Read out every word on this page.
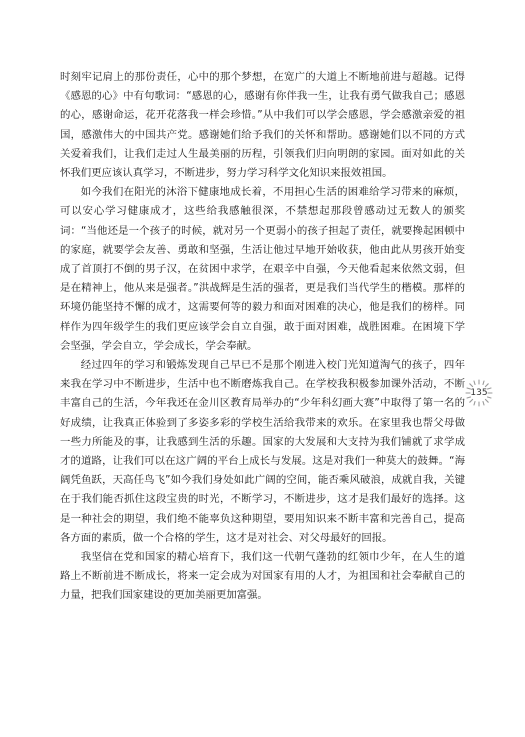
时刻牢记肩上的那份责任，心中的那个梦想，在宽广的大道上不断地前进与超越。记得《感恩的心》中有句歌词：“感恩的心，感谢有你伴我一生，让我有勇气做我自己；感恩的心，感谢命运，花开花落我一样会珍惜。”从中我们可以学会感恩，学会感激亲爱的祖国，感激伟大的中国共产党。感谢她们给予我们的关怀和帮助。感谢她们以不同的方式关爱着我们，让我们走过人生最美丽的历程，引领我们归向明朗的家园。面对如此的关怀我们更应该认真学习，不断进步，努力学习科学文化知识来报效祖国。

如今我们在阳光的沐浴下健康地成长着，不用担心生活的困难给学习带来的麻烦，可以安心学习健康成才，这些给我感触很深，不禁想起那段曾感动过无数人的颁奖词：“当他还是一个孩子的时候，就对另一个更弱小的孩子担起了责任，就要搀起困顿中的家庭，就要学会友善、勇敢和坚强，生活让他过早地开始收获，他由此从男孩开始变成了首顶打不倒的男子汉，在贫困中求学，在艰辛中自强，今天他看起来依然文弱，但是在精神上，他从来是强者。”洪战辉是生活的强者，更是我们当代学生的楷模。那样的环境仍能坚持不懈的成才，这需要何等的毅力和面对困难的决心，他是我们的榜样。同样作为四年级学生的我们更应该学会自立自强，敢于面对困难，战胜困难。在困境下学会坚强，学会自立，学会成长，学会奉献。

经过四年的学习和锻炼发现自己早已不是那个刚进入校门光知道淘气的孩子，四年来我在学习中不断进步，生活中也不断磨炼我自己。在学校我积极参加课外活动，不断丰富自己的生活，今年我还在金川区教育局举办的“少年科幻画大赛”中取得了第一名的好成绩，让我真正体验到了多姿多彩的学校生活给我带来的欢乐。在家里我也帮父母做一些力所能及的事，让我感到生活的乐趣。国家的大发展和大支持为我们铺就了求学成才的道路，让我们可以在这广阔的平台上成长与发展。这是对我们一种莫大的鼓舞。“海阔凭鱼跃，天高任鸟飞”如今我们身处如此广阔的空间，能否乘风破浪，成就自我，关键在于我们能否抓住这段宝贵的时光，不断学习，不断进步，这才是我们最好的选择。这是一种社会的期望，我们绝不能辜负这种期望，要用知识来不断丰富和完善自己，提高各方面的素质，做一个合格的学生，这才是对社会、对父母最好的回报。

我坚信在党和国家的精心培育下，我们这一代朝气蓬勃的红领巾少年，在人生的道路上不断前进不断成长，将来一定会成为对国家有用的人才，为祖国和社会奉献自己的力量，把我们国家建设的更加美丽更加富强。

135
